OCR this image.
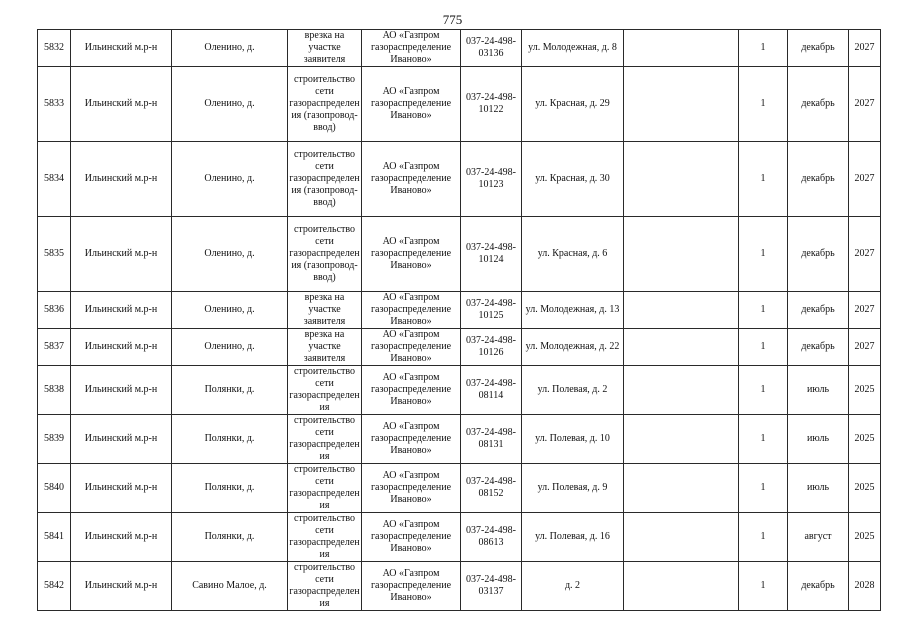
775
5832	Ильинский м.р-н	Оленино, д.	врезка на участке заявителя	АО «Газпром газораспределение Иваново»	037-24-498-03136	ул. Молодежная, д. 8		1	декабрь	2027
5833	Ильинский м.р-н	Оленино, д.	строительство сети газораспределения (газопровод-ввод)	АО «Газпром газораспределение Иваново»	037-24-498-10122	ул. Красная, д. 29		1	декабрь	2027
5834	Ильинский м.р-н	Оленино, д.	строительство сети газораспределения (газопровод-ввод)	АО «Газпром газораспределение Иваново»	037-24-498-10123	ул. Красная, д. 30		1	декабрь	2027
5835	Ильинский м.р-н	Оленино, д.	строительство сети газораспределения (газопровод-ввод)	АО «Газпром газораспределение Иваново»	037-24-498-10124	ул. Красная, д. 6		1	декабрь	2027
5836	Ильинский м.р-н	Оленино, д.	врезка на участке заявителя	АО «Газпром газораспределение Иваново»	037-24-498-10125	ул. Молодежная, д. 13		1	декабрь	2027
5837	Ильинский м.р-н	Оленино, д.	врезка на участке заявителя	АО «Газпром газораспределение Иваново»	037-24-498-10126	ул. Молодежная, д. 22		1	декабрь	2027
5838	Ильинский м.р-н	Полянки, д.	строительство сети газораспределения	АО «Газпром газораспределение Иваново»	037-24-498-08114	ул. Полевая, д. 2		1	июль	2025
5839	Ильинский м.р-н	Полянки, д.	строительство сети газораспределения	АО «Газпром газораспределение Иваново»	037-24-498-08131	ул. Полевая, д. 10		1	июль	2025
5840	Ильинский м.р-н	Полянки, д.	строительство сети газораспределения	АО «Газпром газораспределение Иваново»	037-24-498-08152	ул. Полевая, д. 9		1	июль	2025
5841	Ильинский м.р-н	Полянки, д.	строительство сети газораспределения	АО «Газпром газораспределение Иваново»	037-24-498-08613	ул. Полевая, д. 16		1	август	2025
5842	Ильинский м.р-н	Савино Малое, д.	строительство сети газораспределения	АО «Газпром газораспределение Иваново»	037-24-498-03137	д. 2		1	декабрь	2028
